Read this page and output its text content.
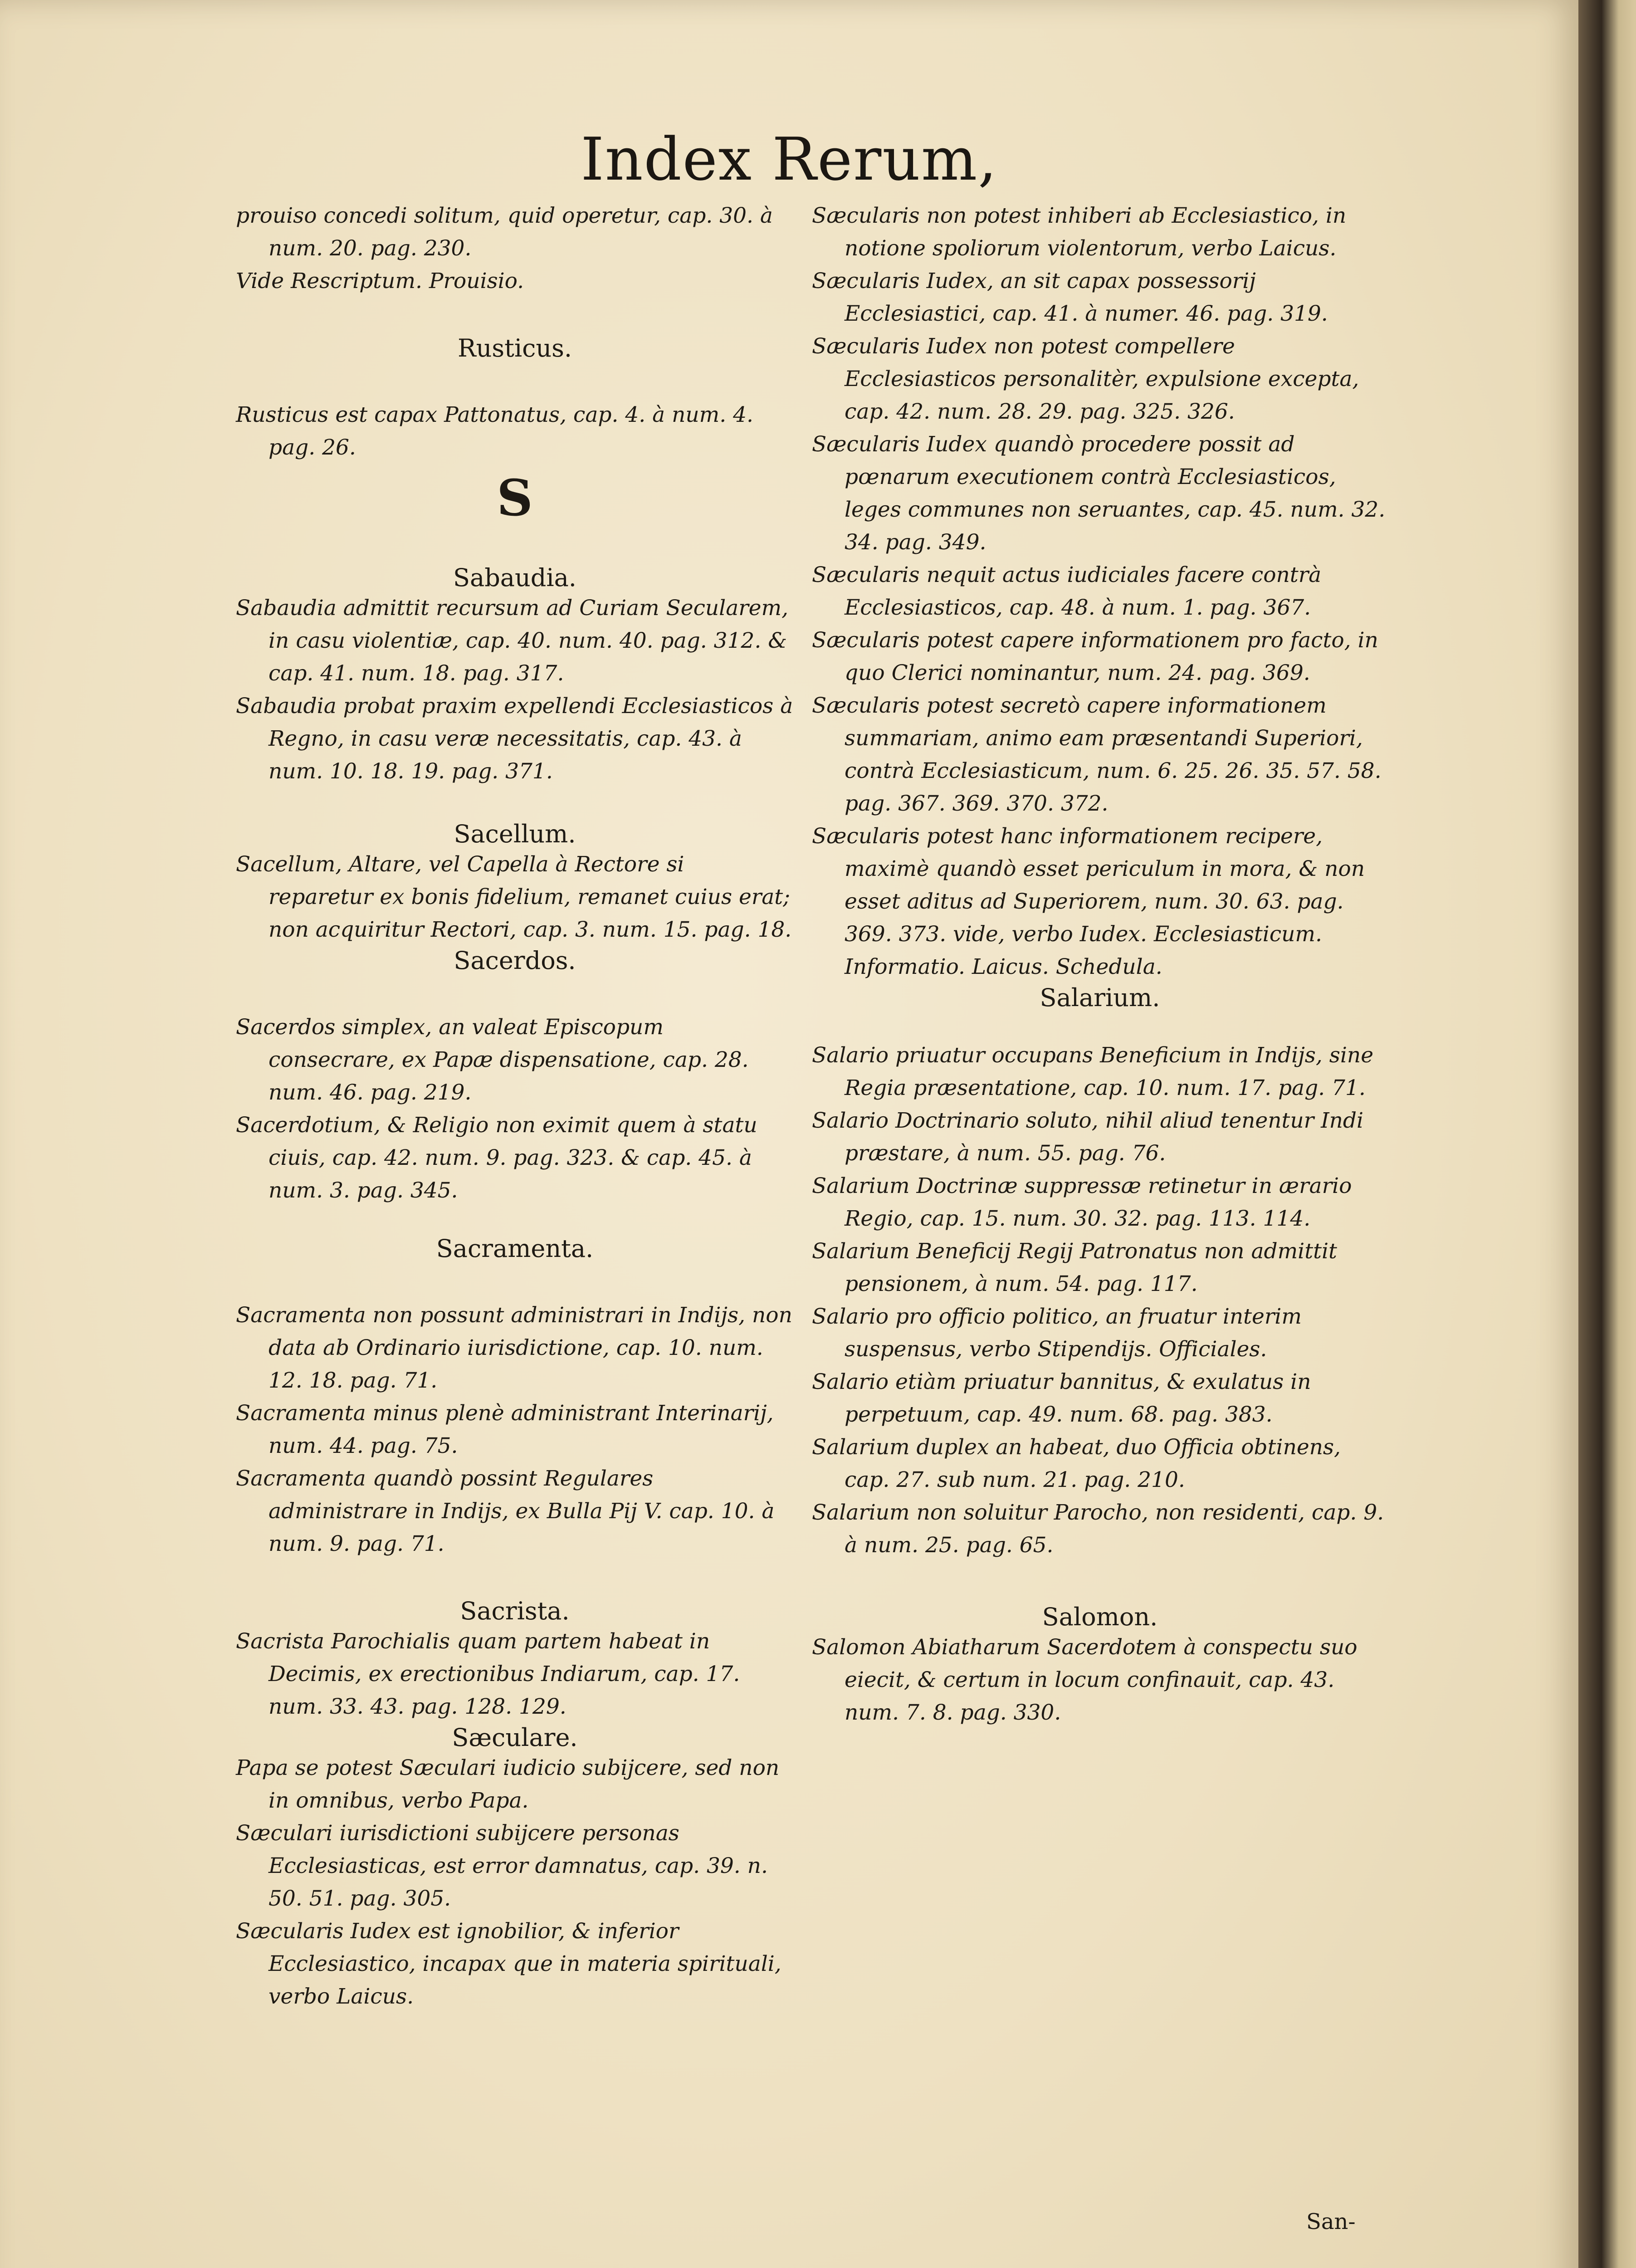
Index Rerum,
prouiso concedi solitum, quid operetur, cap. 30. à num. 20. pag. 230.
Vide Rescriptum. Prouisio.
Rusticus.
Rusticus est capax Pattonatus, cap. 4. à num. 4. pag. 26.
S
Sabaudia.
Sabaudia admittit recursum ad Curiam Secularem, in casu violentiæ, cap. 40. num. 40. pag. 312. & cap. 41. num. 18. pag. 317.
Sabaudia probat praxim expellendi Ecclesiasticos à Regno, in casu veræ necessitatis, cap. 43. à num. 10. 18. 19. pag. 371.
Sacellum.
Sacellum, Altare, vel Capella à Rectore si reparetur ex bonis fidelium, remanet cuius erat; non acquiritur Rectori, cap. 3. num. 15. pag. 18.
Sacerdos.
Sacerdos simplex, an valeat Episcopum consecrare, ex Papæ dispensatione, cap. 28. num. 46. pag. 219.
Sacerdotium, & Religio non eximit quem à statu ciuis, cap. 42. num. 9. pag. 323. & cap. 45. à num. 3. pag. 345.
Sacramenta.
Sacramenta non possunt administrari in Indijs, non data ab Ordinario iurisdictione, cap. 10. num. 12. 18. pag. 71.
Sacramenta minus plenè administrant Interinarij, num. 44. pag. 75.
Sacramenta quandò possint Regulares administrare in Indijs, ex Bulla Pij V. cap. 10. à num. 9. pag. 71.
Sacrista.
Sacrista Parochialis quam partem habeat in Decimis, ex erectionibus Indiarum, cap. 17. num. 33. 43. pag. 128. 129.
Sæculare.
Papa se potest Sæculari iudicio subijcere, sed non in omnibus, verbo Papa.
Sæculari iurisdictioni subijcere personas Ecclesiasticas, est error damnatus, cap. 39. n. 50. 51. pag. 305.
Sæcularis Iudex est ignobilior, & inferior Ecclesiastico, incapax que in materia spirituali, verbo Laicus.
Sæcularis non potest inhiberi ab Ecclesiastico, in notione spoliorum violentorum, verbo Laicus.
Sæcularis Iudex, an sit capax possessorij Ecclesiastici, cap. 41. à numer. 46. pag. 319.
Sæcularis Iudex non potest compellere Ecclesiasticos personalitèr, expulsione excepta, cap. 42. num. 28. 29. pag. 325. 326.
Sæcularis Iudex quandò procedere possit ad pœnarum executionem contrà Ecclesiasticos, leges communes non seruantes, cap. 45. num. 32. 34. pag. 349.
Sæcularis nequit actus iudiciales facere contrà Ecclesiasticos, cap. 48. à num. 1. pag. 367.
Sæcularis potest capere informationem pro facto, in quo Clerici nominantur, num. 24. pag. 369.
Sæcularis potest secretò capere informationem summariam, animo eam præsentandi Superiori, contrà Ecclesiasticum, num. 6. 25. 26. 35. 57. 58. pag. 367. 369. 370. 372.
Sæcularis potest hanc informationem recipere, maximè quandò esset periculum in mora, & non esset aditus ad Superiorem, num. 30. 63. pag. 369. 373. vide, verbo Iudex. Ecclesiasticum. Informatio. Laicus. Schedula.
Salarium.
Salario priuatur occupans Beneficium in Indijs, sine Regia præsentatione, cap. 10. num. 17. pag. 71.
Salario Doctrinario soluto, nihil aliud tenentur Indi præstare, à num. 55. pag. 76.
Salarium Doctrinæ suppressæ retinetur in ærario Regio, cap. 15. num. 30. 32. pag. 113. 114.
Salarium Beneficij Regij Patronatus non admittit pensionem, à num. 54. pag. 117.
Salario pro officio politico, an fruatur interim suspensus, verbo Stipendijs. Officiales.
Salario etiàm priuatur bannitus, & exulatus in perpetuum, cap. 49. num. 68. pag. 383.
Salarium duplex an habeat, duo Officia obtinens, cap. 27. sub num. 21. pag. 210.
Salarium non soluitur Parocho, non residenti, cap. 9. à num. 25. pag. 65.
Salomon.
Salomon Abiatharum Sacerdotem à conspectu suo eiecit, & certum in locum confinauit, cap. 43. num. 7. 8. pag. 330.
San-
